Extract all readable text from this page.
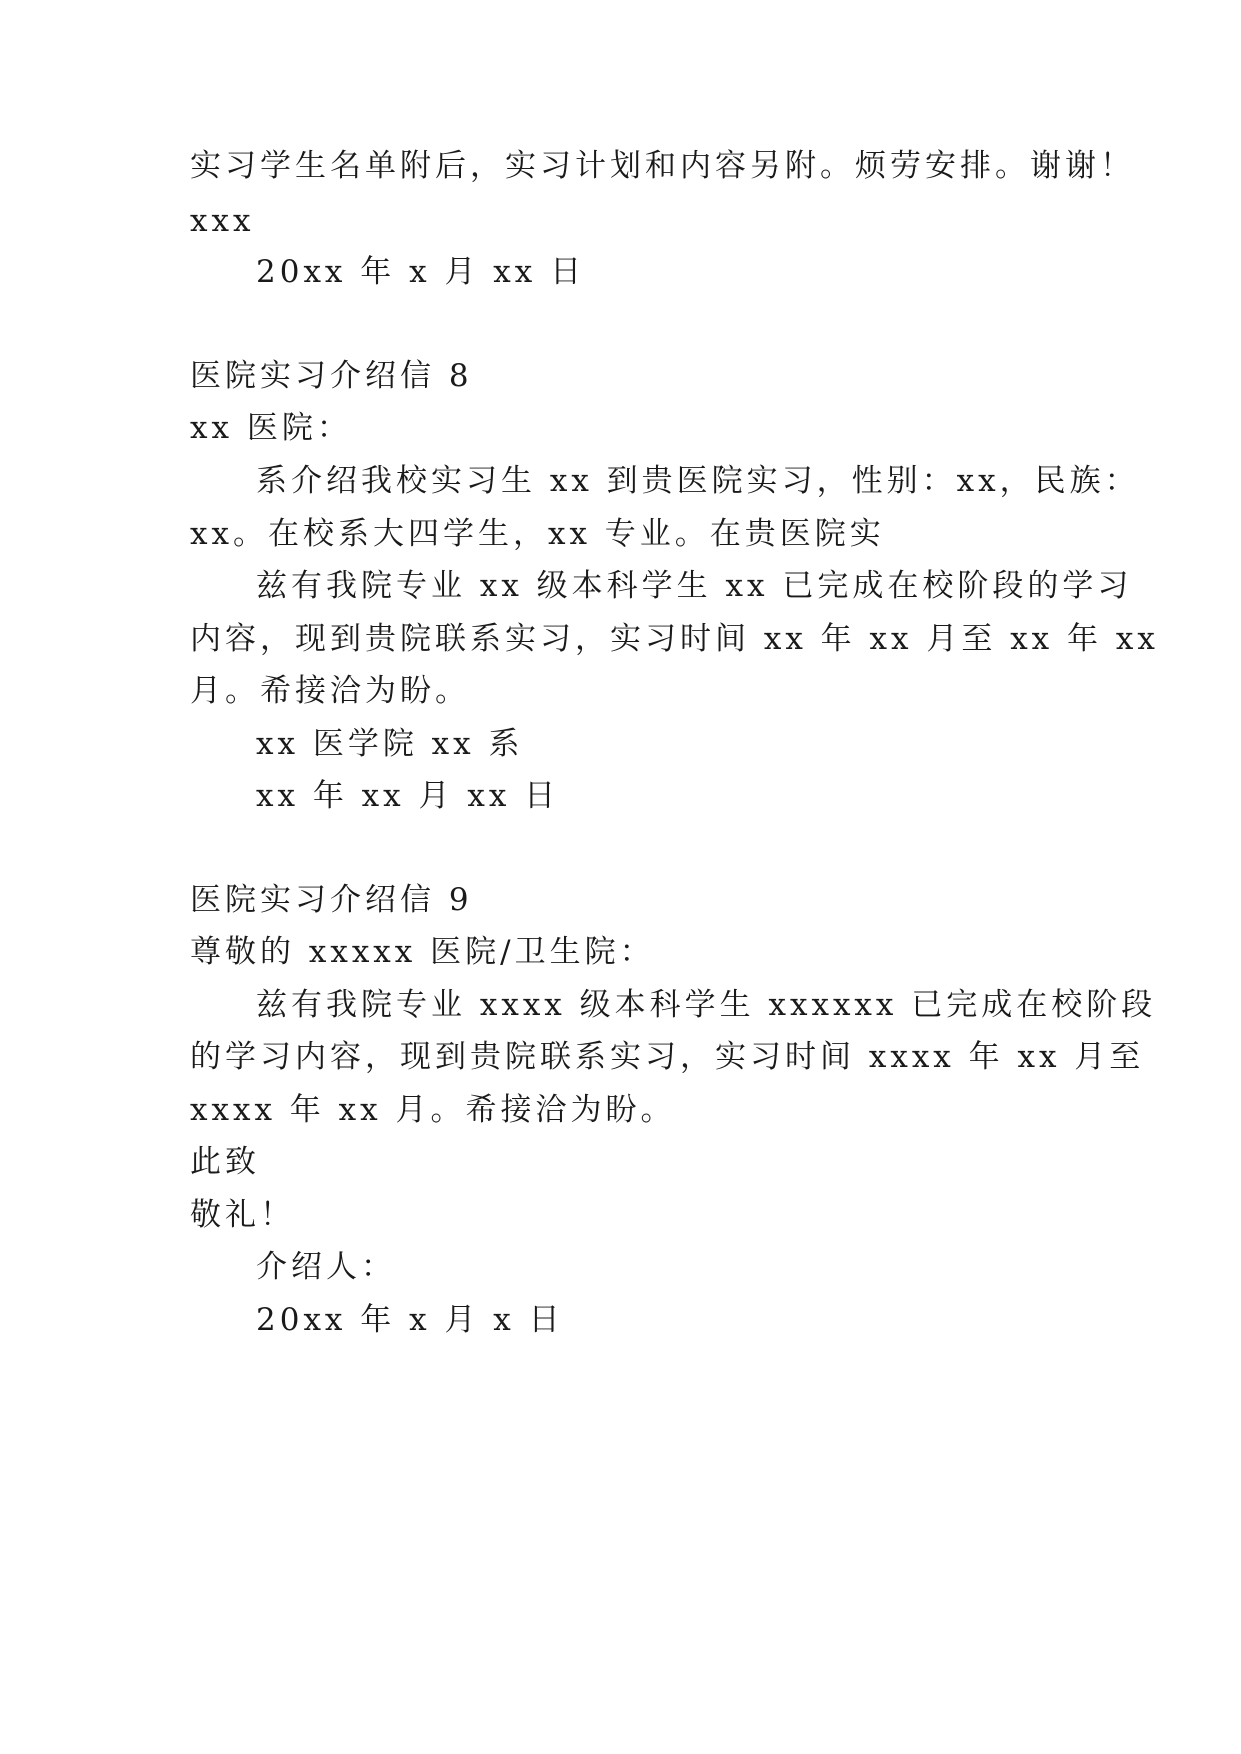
实习学生名单附后，实习计划和内容另附。烦劳安排。谢谢！
xxx
20xx 年 x 月 xx 日
医院实习介绍信 8
xx 医院：
系介绍我校实习生 xx 到贵医院实习，性别：xx，民族：
xx。在校系大四学生，xx 专业。在贵医院实
兹有我院专业 xx 级本科学生 xx 已完成在校阶段的学习
内容，现到贵院联系实习，实习时间 xx 年 xx 月至 xx 年 xx
月。希接洽为盼。
xx 医学院 xx 系
xx 年 xx 月 xx 日
医院实习介绍信 9
尊敬的 xxxxx 医院/卫生院：
兹有我院专业 xxxx 级本科学生 xxxxxx 已完成在校阶段
的学习内容，现到贵院联系实习，实习时间 xxxx 年 xx 月至
xxxx 年 xx 月。希接洽为盼。
此致
敬礼！
介绍人：
20xx 年 x 月 x 日
